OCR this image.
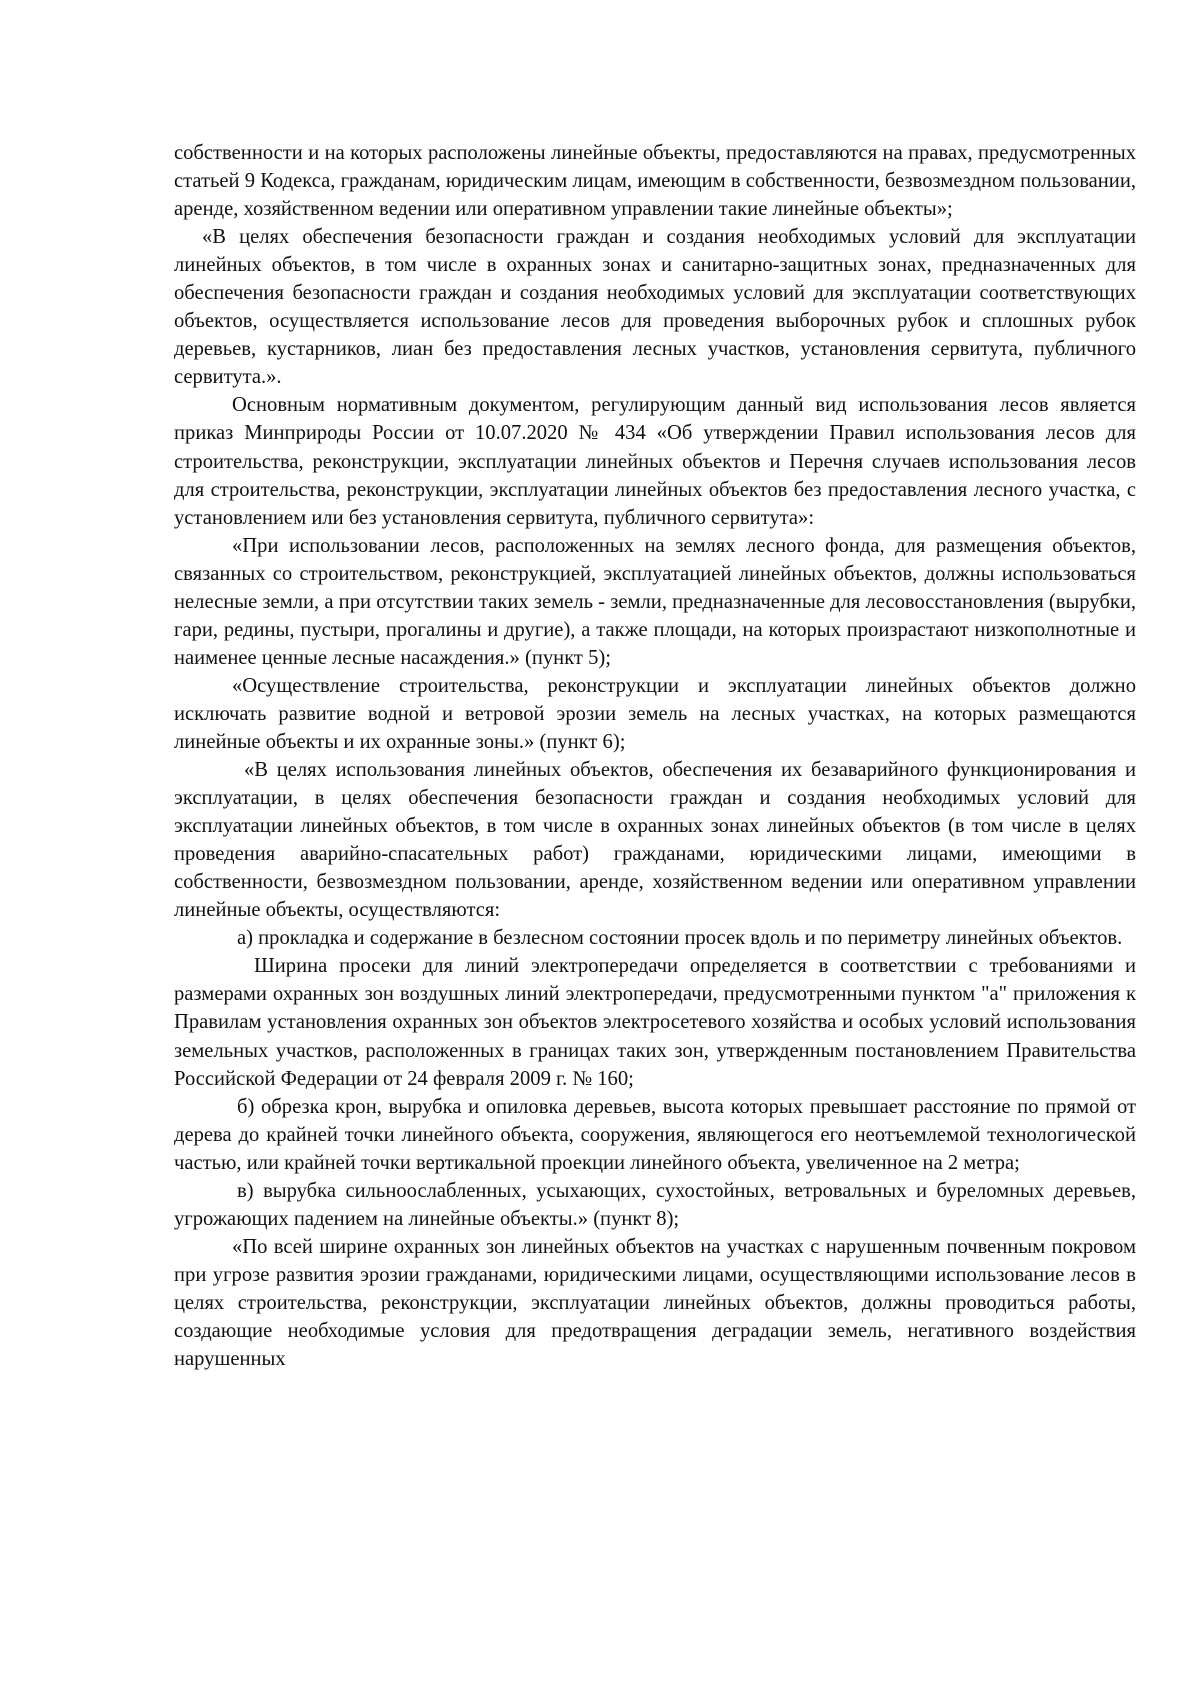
собственности и на которых расположены линейные объекты, предоставляются на правах, предусмотренных статьей 9 Кодекса, гражданам, юридическим лицам, имеющим в собственности, безвозмездном пользовании, аренде, хозяйственном ведении или оперативном управлении такие линейные объекты»;

«В целях обеспечения безопасности граждан и создания необходимых условий для эксплуатации линейных объектов, в том числе в охранных зонах и санитарно-защитных зонах, предназначенных для обеспечения безопасности граждан и создания необходимых условий для эксплуатации соответствующих объектов, осуществляется использование лесов для проведения выборочных рубок и сплошных рубок деревьев, кустарников, лиан без предоставления лесных участков, установления сервитута, публичного сервитута.».

Основным нормативным документом, регулирующим данный вид использования лесов является приказ Минприроды России от 10.07.2020 № 434 «Об утверждении Правил использования лесов для строительства, реконструкции, эксплуатации линейных объектов и Перечня случаев использования лесов для строительства, реконструкции, эксплуатации линейных объектов без предоставления лесного участка, с установлением или без установления сервитута, публичного сервитута»:

«При использовании лесов, расположенных на землях лесного фонда, для размещения объектов, связанных со строительством, реконструкцией, эксплуатацией линейных объектов, должны использоваться нелесные земли, а при отсутствии таких земель - земли, предназначенные для лесовосстановления (вырубки, гари, редины, пустыри, прогалины и другие), а также площади, на которых произрастают низкополнотные и наименее ценные лесные насаждения.» (пункт 5);

«Осуществление строительства, реконструкции и эксплуатации линейных объектов должно исключать развитие водной и ветровой эрозии земель на лесных участках, на которых размещаются линейные объекты и их охранные зоны.» (пункт 6);

«В целях использования линейных объектов, обеспечения их безаварийного функционирования и эксплуатации, в целях обеспечения безопасности граждан и создания необходимых условий для эксплуатации линейных объектов, в том числе в охранных зонах линейных объектов (в том числе в целях проведения аварийно-спасательных работ) гражданами, юридическими лицами, имеющими в собственности, безвозмездном пользовании, аренде, хозяйственном ведении или оперативном управлении линейные объекты, осуществляются:

а) прокладка и содержание в безлесном состоянии просек вдоль и по периметру линейных объектов.

Ширина просеки для линий электропередачи определяется в соответствии с требованиями и размерами охранных зон воздушных линий электропередачи, предусмотренными пунктом "а" приложения к Правилам установления охранных зон объектов электросетевого хозяйства и особых условий использования земельных участков, расположенных в границах таких зон, утвержденным постановлением Правительства Российской Федерации от 24 февраля 2009 г. № 160;

б) обрезка крон, вырубка и опиловка деревьев, высота которых превышает расстояние по прямой от дерева до крайней точки линейного объекта, сооружения, являющегося его неотъемлемой технологической частью, или крайней точки вертикальной проекции линейного объекта, увеличенное на 2 метра;

в) вырубка сильноослабленных, усыхающих, сухостойных, ветровальных и буреломных деревьев, угрожающих падением на линейные объекты.» (пункт 8);

«По всей ширине охранных зон линейных объектов на участках с нарушенным почвенным покровом при угрозе развития эрозии гражданами, юридическими лицами, осуществляющими использование лесов в целях строительства, реконструкции, эксплуатации линейных объектов, должны проводиться работы, создающие необходимые условия для предотвращения деградации земель, негативного воздействия нарушенных
